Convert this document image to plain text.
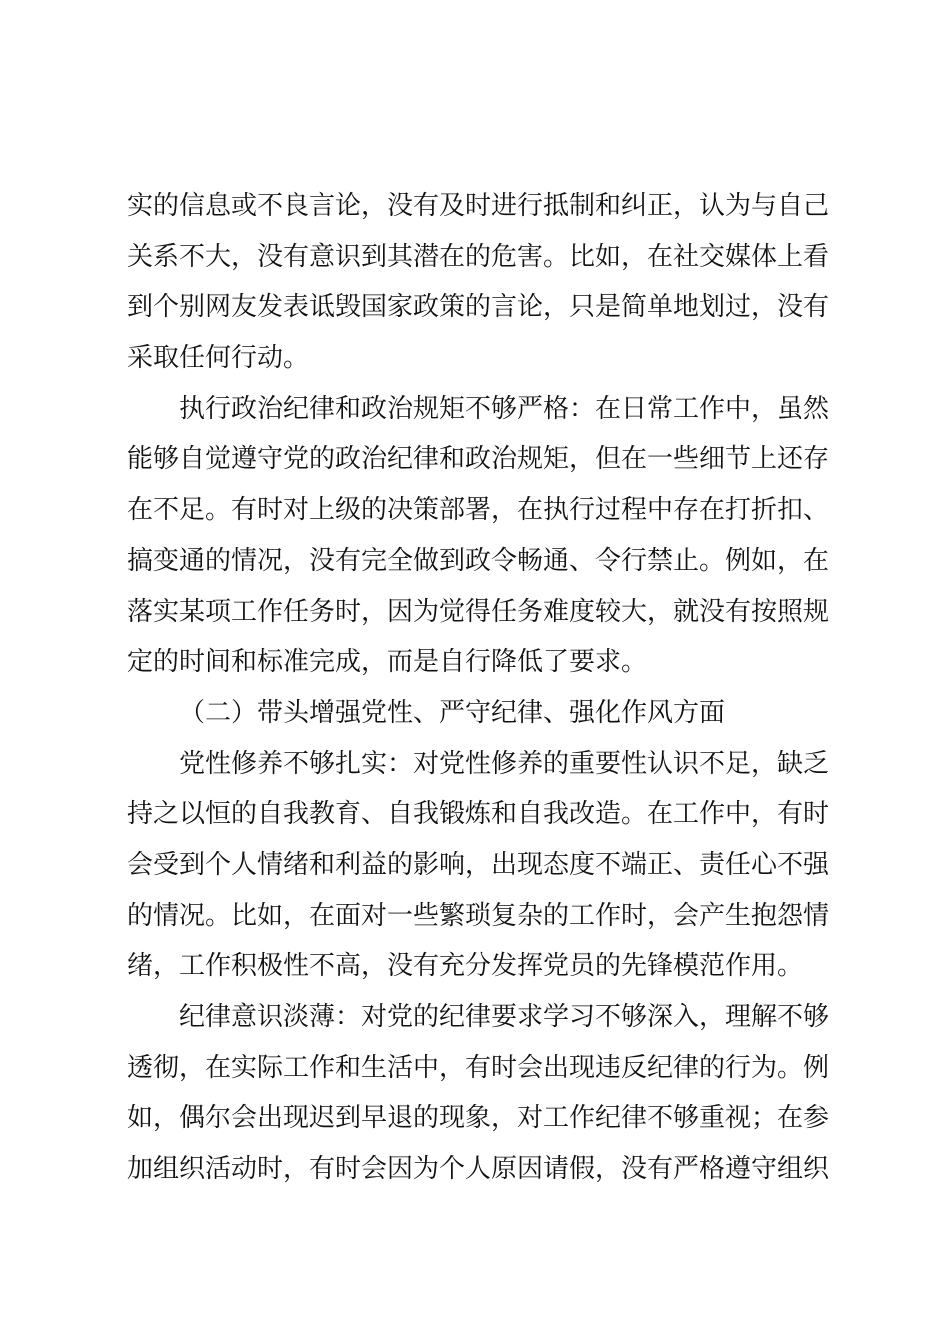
实的信息或不良言论，没有及时进行抵制和纠正，认为与自己
关系不大，没有意识到其潜在的危害。比如，在社交媒体上看
到个别网友发表诋毁国家政策的言论，只是简单地划过，没有
采取任何行动。
执行政治纪律和政治规矩不够严格：在日常工作中，虽然
能够自觉遵守党的政治纪律和政治规矩，但在一些细节上还存
在不足。有时对上级的决策部署，在执行过程中存在打折扣、
搞变通的情况，没有完全做到政令畅通、令行禁止。例如，在
落实某项工作任务时，因为觉得任务难度较大，就没有按照规
定的时间和标准完成，而是自行降低了要求。
（二）带头增强党性、严守纪律、强化作风方面
党性修养不够扎实：对党性修养的重要性认识不足，缺乏
持之以恒的自我教育、自我锻炼和自我改造。在工作中，有时
会受到个人情绪和利益的影响，出现态度不端正、责任心不强
的情况。比如，在面对一些繁琐复杂的工作时，会产生抱怨情
绪，工作积极性不高，没有充分发挥党员的先锋模范作用。
纪律意识淡薄：对党的纪律要求学习不够深入，理解不够
透彻，在实际工作和生活中，有时会出现违反纪律的行为。例
如，偶尔会出现迟到早退的现象，对工作纪律不够重视；在参
加组织活动时，有时会因为个人原因请假，没有严格遵守组织
